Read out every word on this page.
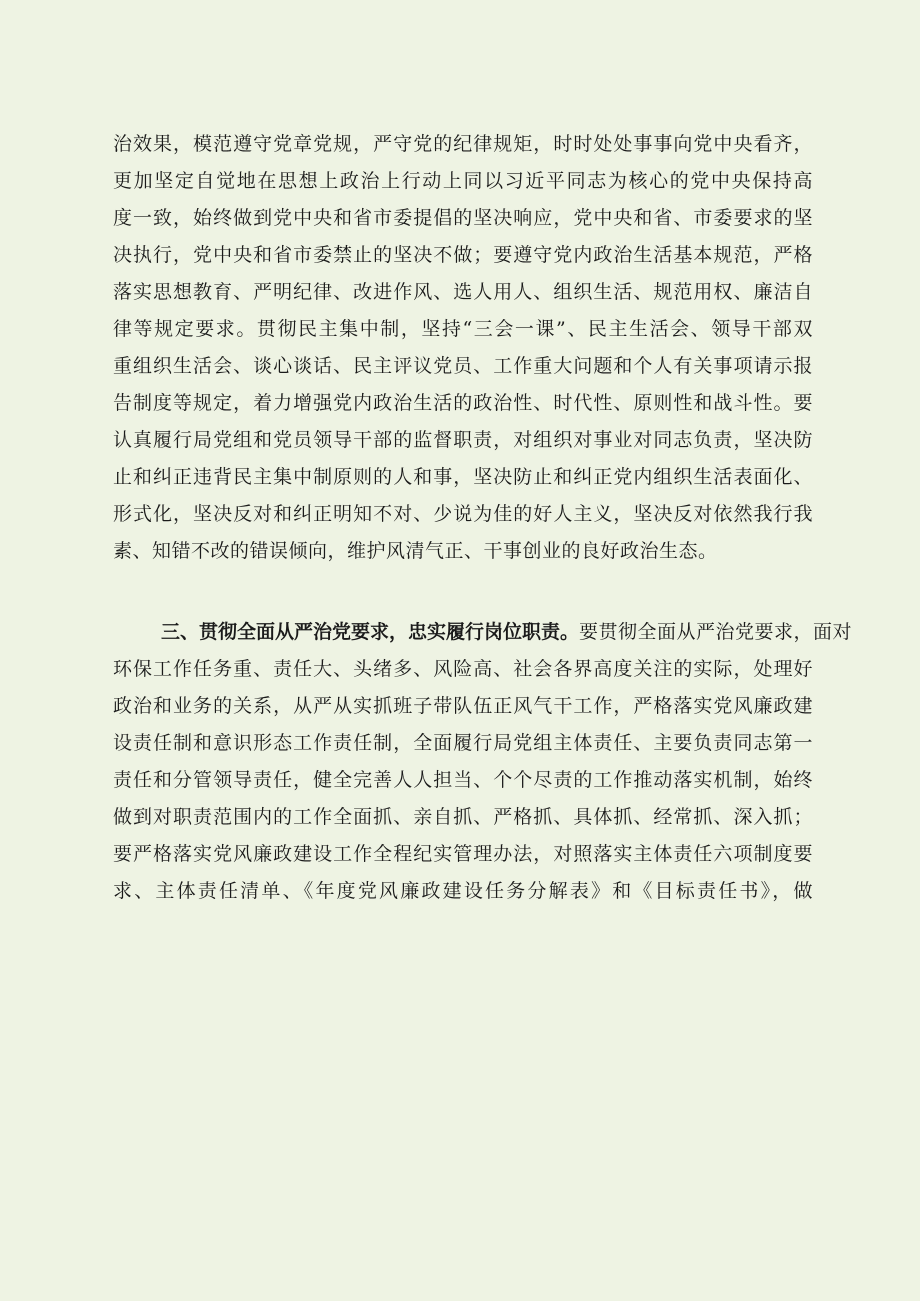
治效果，模范遵守党章党规，严守党的纪律规矩，时时处处事事向党中央看齐，
更加坚定自觉地在思想上政治上行动上同以习近平同志为核心的党中央保持高
度一致，始终做到党中央和省市委提倡的坚决响应，党中央和省、市委要求的坚
决执行，党中央和省市委禁止的坚决不做；要遵守党内政治生活基本规范，严格
落实思想教育、严明纪律、改进作风、选人用人、组织生活、规范用权、廉洁自
律等规定要求。贯彻民主集中制，坚持“三会一课”、民主生活会、领导干部双
重组织生活会、谈心谈话、民主评议党员、工作重大问题和个人有关事项请示报
告制度等规定，着力增强党内政治生活的政治性、时代性、原则性和战斗性。要
认真履行局党组和党员领导干部的监督职责，对组织对事业对同志负责，坚决防
止和纠正违背民主集中制原则的人和事，坚决防止和纠正党内组织生活表面化、
形式化，坚决反对和纠正明知不对、少说为佳的好人主义，坚决反对依然我行我
素、知错不改的错误倾向，维护风清气正、干事创业的良好政治生态。
三、贯彻全面从严治党要求，忠实履行岗位职责。要贯彻全面从严治党要求，面对
环保工作任务重、责任大、头绪多、风险高、社会各界高度关注的实际，处理好
政治和业务的关系，从严从实抓班子带队伍正风气干工作，严格落实党风廉政建
设责任制和意识形态工作责任制，全面履行局党组主体责任、主要负责同志第一
责任和分管领导责任，健全完善人人担当、个个尽责的工作推动落实机制，始终
做到对职责范围内的工作全面抓、亲自抓、严格抓、具体抓、经常抓、深入抓；
要严格落实党风廉政建设工作全程纪实管理办法，对照落实主体责任六项制度要
求、主体责任清单、《年度党风廉政建设任务分解表》和《目标责任书》，做
